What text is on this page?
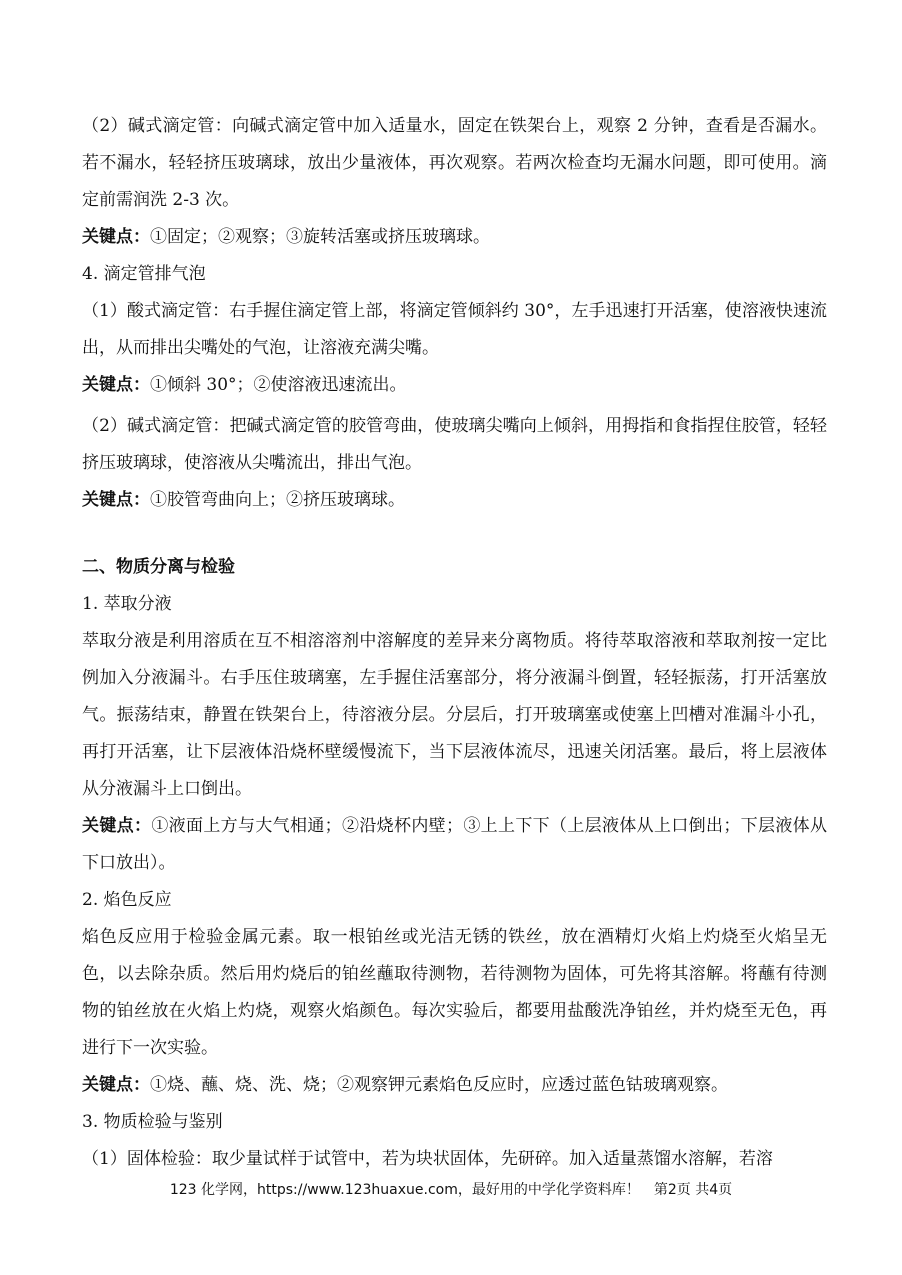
（2）碱式滴定管：向碱式滴定管中加入适量水，固定在铁架台上，观察 2 分钟，查看是否漏水。若不漏水，轻轻挤压玻璃球，放出少量液体，再次观察。若两次检查均无漏水问题，即可使用。滴定前需润洗 2-3 次。

关键点：①固定；②观察；③旋转活塞或挤压玻璃球。

4. 滴定管排气泡

（1）酸式滴定管：右手握住滴定管上部，将滴定管倾斜约 30°，左手迅速打开活塞，使溶液快速流出，从而排出尖嘴处的气泡，让溶液充满尖嘴。

关键点：①倾斜 30°；②使溶液迅速流出。

（2）碱式滴定管：把碱式滴定管的胶管弯曲，使玻璃尖嘴向上倾斜，用拇指和食指捏住胶管，轻轻挤压玻璃球，使溶液从尖嘴流出，排出气泡。

关键点：①胶管弯曲向上；②挤压玻璃球。

二、物质分离与检验

1. 萃取分液

萃取分液是利用溶质在互不相溶溶剂中溶解度的差异来分离物质。将待萃取溶液和萃取剂按一定比例加入分液漏斗。右手压住玻璃塞，左手握住活塞部分，将分液漏斗倒置，轻轻振荡，打开活塞放气。振荡结束，静置在铁架台上，待溶液分层。分层后，打开玻璃塞或使塞上凹槽对准漏斗小孔，再打开活塞，让下层液体沿烧杯壁缓慢流下，当下层液体流尽，迅速关闭活塞。最后，将上层液体从分液漏斗上口倒出。

关键点：①液面上方与大气相通；②沿烧杯内壁；③上上下下（上层液体从上口倒出；下层液体从下口放出）。

2. 焰色反应

焰色反应用于检验金属元素。取一根铂丝或光洁无锈的铁丝，放在酒精灯火焰上灼烧至火焰呈无色，以去除杂质。然后用灼烧后的铂丝蘸取待测物，若待测物为固体，可先将其溶解。将蘸有待测物的铂丝放在火焰上灼烧，观察火焰颜色。每次实验后，都要用盐酸洗净铂丝，并灼烧至无色，再进行下一次实验。

关键点：①烧、蘸、烧、洗、烧；②观察钾元素焰色反应时，应透过蓝色钴玻璃观察。

3. 物质检验与鉴别

（1）固体检验：取少量试样于试管中，若为块状固体，先研碎。加入适量蒸馏水溶解，若溶

123 化学网，https://www.123huaxue.com，最好用的中学化学资料库！ 第2页 共4页
